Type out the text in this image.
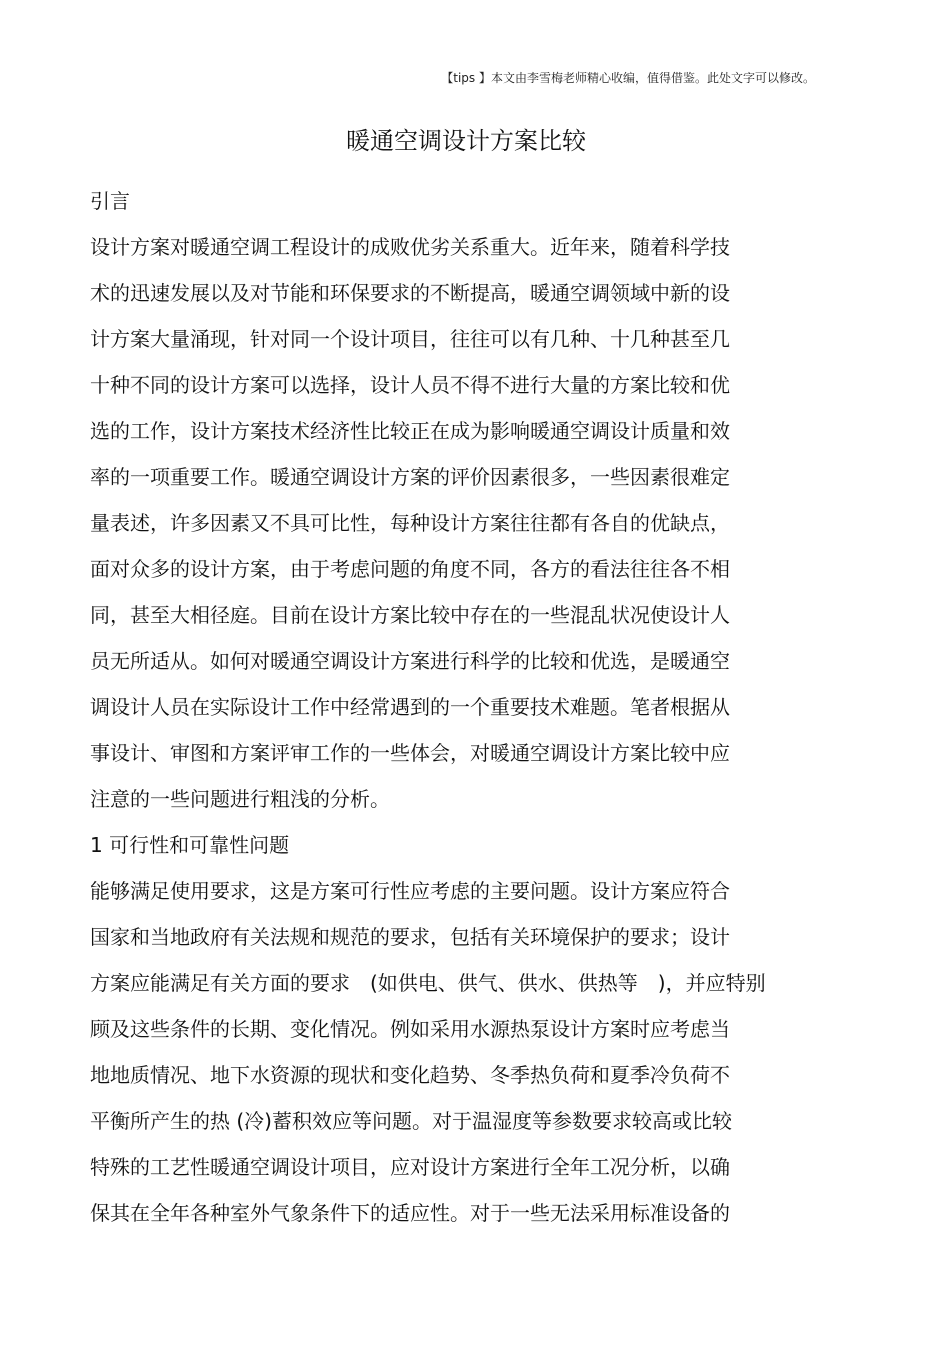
【tips 】本文由李雪梅老师精心收编，值得借鉴。此处文字可以修改。
暖通空调设计方案比较
引言
设计方案对暖通空调工程设计的成败优劣关系重大。近年来，随着科学技
术的迅速发展以及对节能和环保要求的不断提高，暖通空调领域中新的设
计方案大量涌现，针对同一个设计项目，往往可以有几种、十几种甚至几
十种不同的设计方案可以选择，设计人员不得不进行大量的方案比较和优
选的工作，设计方案技术经济性比较正在成为影响暖通空调设计质量和效
率的一项重要工作。暖通空调设计方案的评价因素很多，一些因素很难定
量表述，许多因素又不具可比性，每种设计方案往往都有各自的优缺点，
面对众多的设计方案，由于考虑问题的角度不同，各方的看法往往各不相
同，甚至大相径庭。目前在设计方案比较中存在的一些混乱状况使设计人
员无所适从。如何对暖通空调设计方案进行科学的比较和优选，是暖通空
调设计人员在实际设计工作中经常遇到的一个重要技术难题。笔者根据从
事设计、审图和方案评审工作的一些体会，对暖通空调设计方案比较中应
注意的一些问题进行粗浅的分析。
1 可行性和可靠性问题
能够满足使用要求，这是方案可行性应考虑的主要问题。设计方案应符合
国家和当地政府有关法规和规范的要求，包括有关环境保护的要求；设计
方案应能满足有关方面的要求　(如供电、供气、供水、供热等　)，并应特别
顾及这些条件的长期、变化情况。例如采用水源热泵设计方案时应考虑当
地地质情况、地下水资源的现状和变化趋势、冬季热负荷和夏季冷负荷不
平衡所产生的热 (冷)蓄积效应等问题。对于温湿度等参数要求较高或比较
特殊的工艺性暖通空调设计项目，应对设计方案进行全年工况分析，以确
保其在全年各种室外气象条件下的适应性。对于一些无法采用标准设备的
